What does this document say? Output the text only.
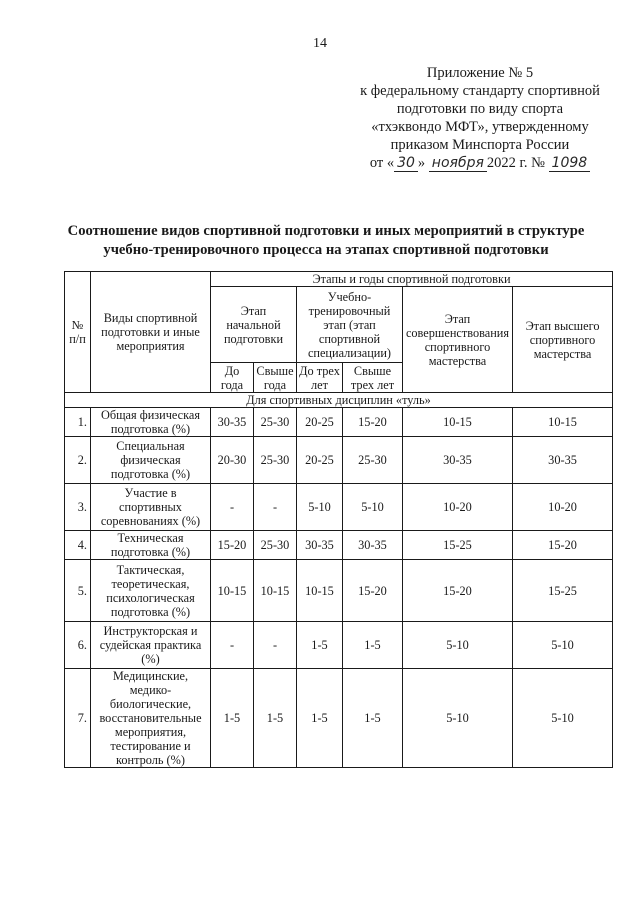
14
Приложение № 5
к федеральному стандарту спортивной
подготовки по виду спорта
«тхэквондо МФТ», утвержденному
приказом Минспорта России
от « 30 » ноября 2022 г. № 1098
Соотношение видов спортивной подготовки и иных мероприятий в структуре
учебно-тренировочного процесса на этапах спортивной подготовки
№ п/п	Виды спортивной подготовки и иные мероприятия	Этапы и годы спортивной подготовки					
		Этап начальной подготовки		Учебно-тренировочный этап (этап спортивной специализации)		Этап совершенствования спортивного мастерства	Этап высшего спортивного мастерства
		До года	Свыше года	До трех лет	Свыше трех лет		
Для спортивных дисциплин «туль»							
1.	Общая физическая подготовка (%)	30-35	25-30	20-25	15-20	10-15	10-15
2.	Специальная физическая подготовка (%)	20-30	25-30	20-25	25-30	30-35	30-35
3.	Участие в спортивных соревнованиях (%)	-	-	5-10	5-10	10-20	10-20
4.	Техническая подготовка (%)	15-20	25-30	30-35	30-35	15-25	15-20
5.	Тактическая, теоретическая, психологическая подготовка (%)	10-15	10-15	10-15	15-20	15-20	15-25
6.	Инструкторская и судейская практика (%)	-	-	1-5	1-5	5-10	5-10
7.	Медицинские, медико-биологические, восстановительные мероприятия, тестирование и контроль (%)	1-5	1-5	1-5	1-5	5-10	5-10
